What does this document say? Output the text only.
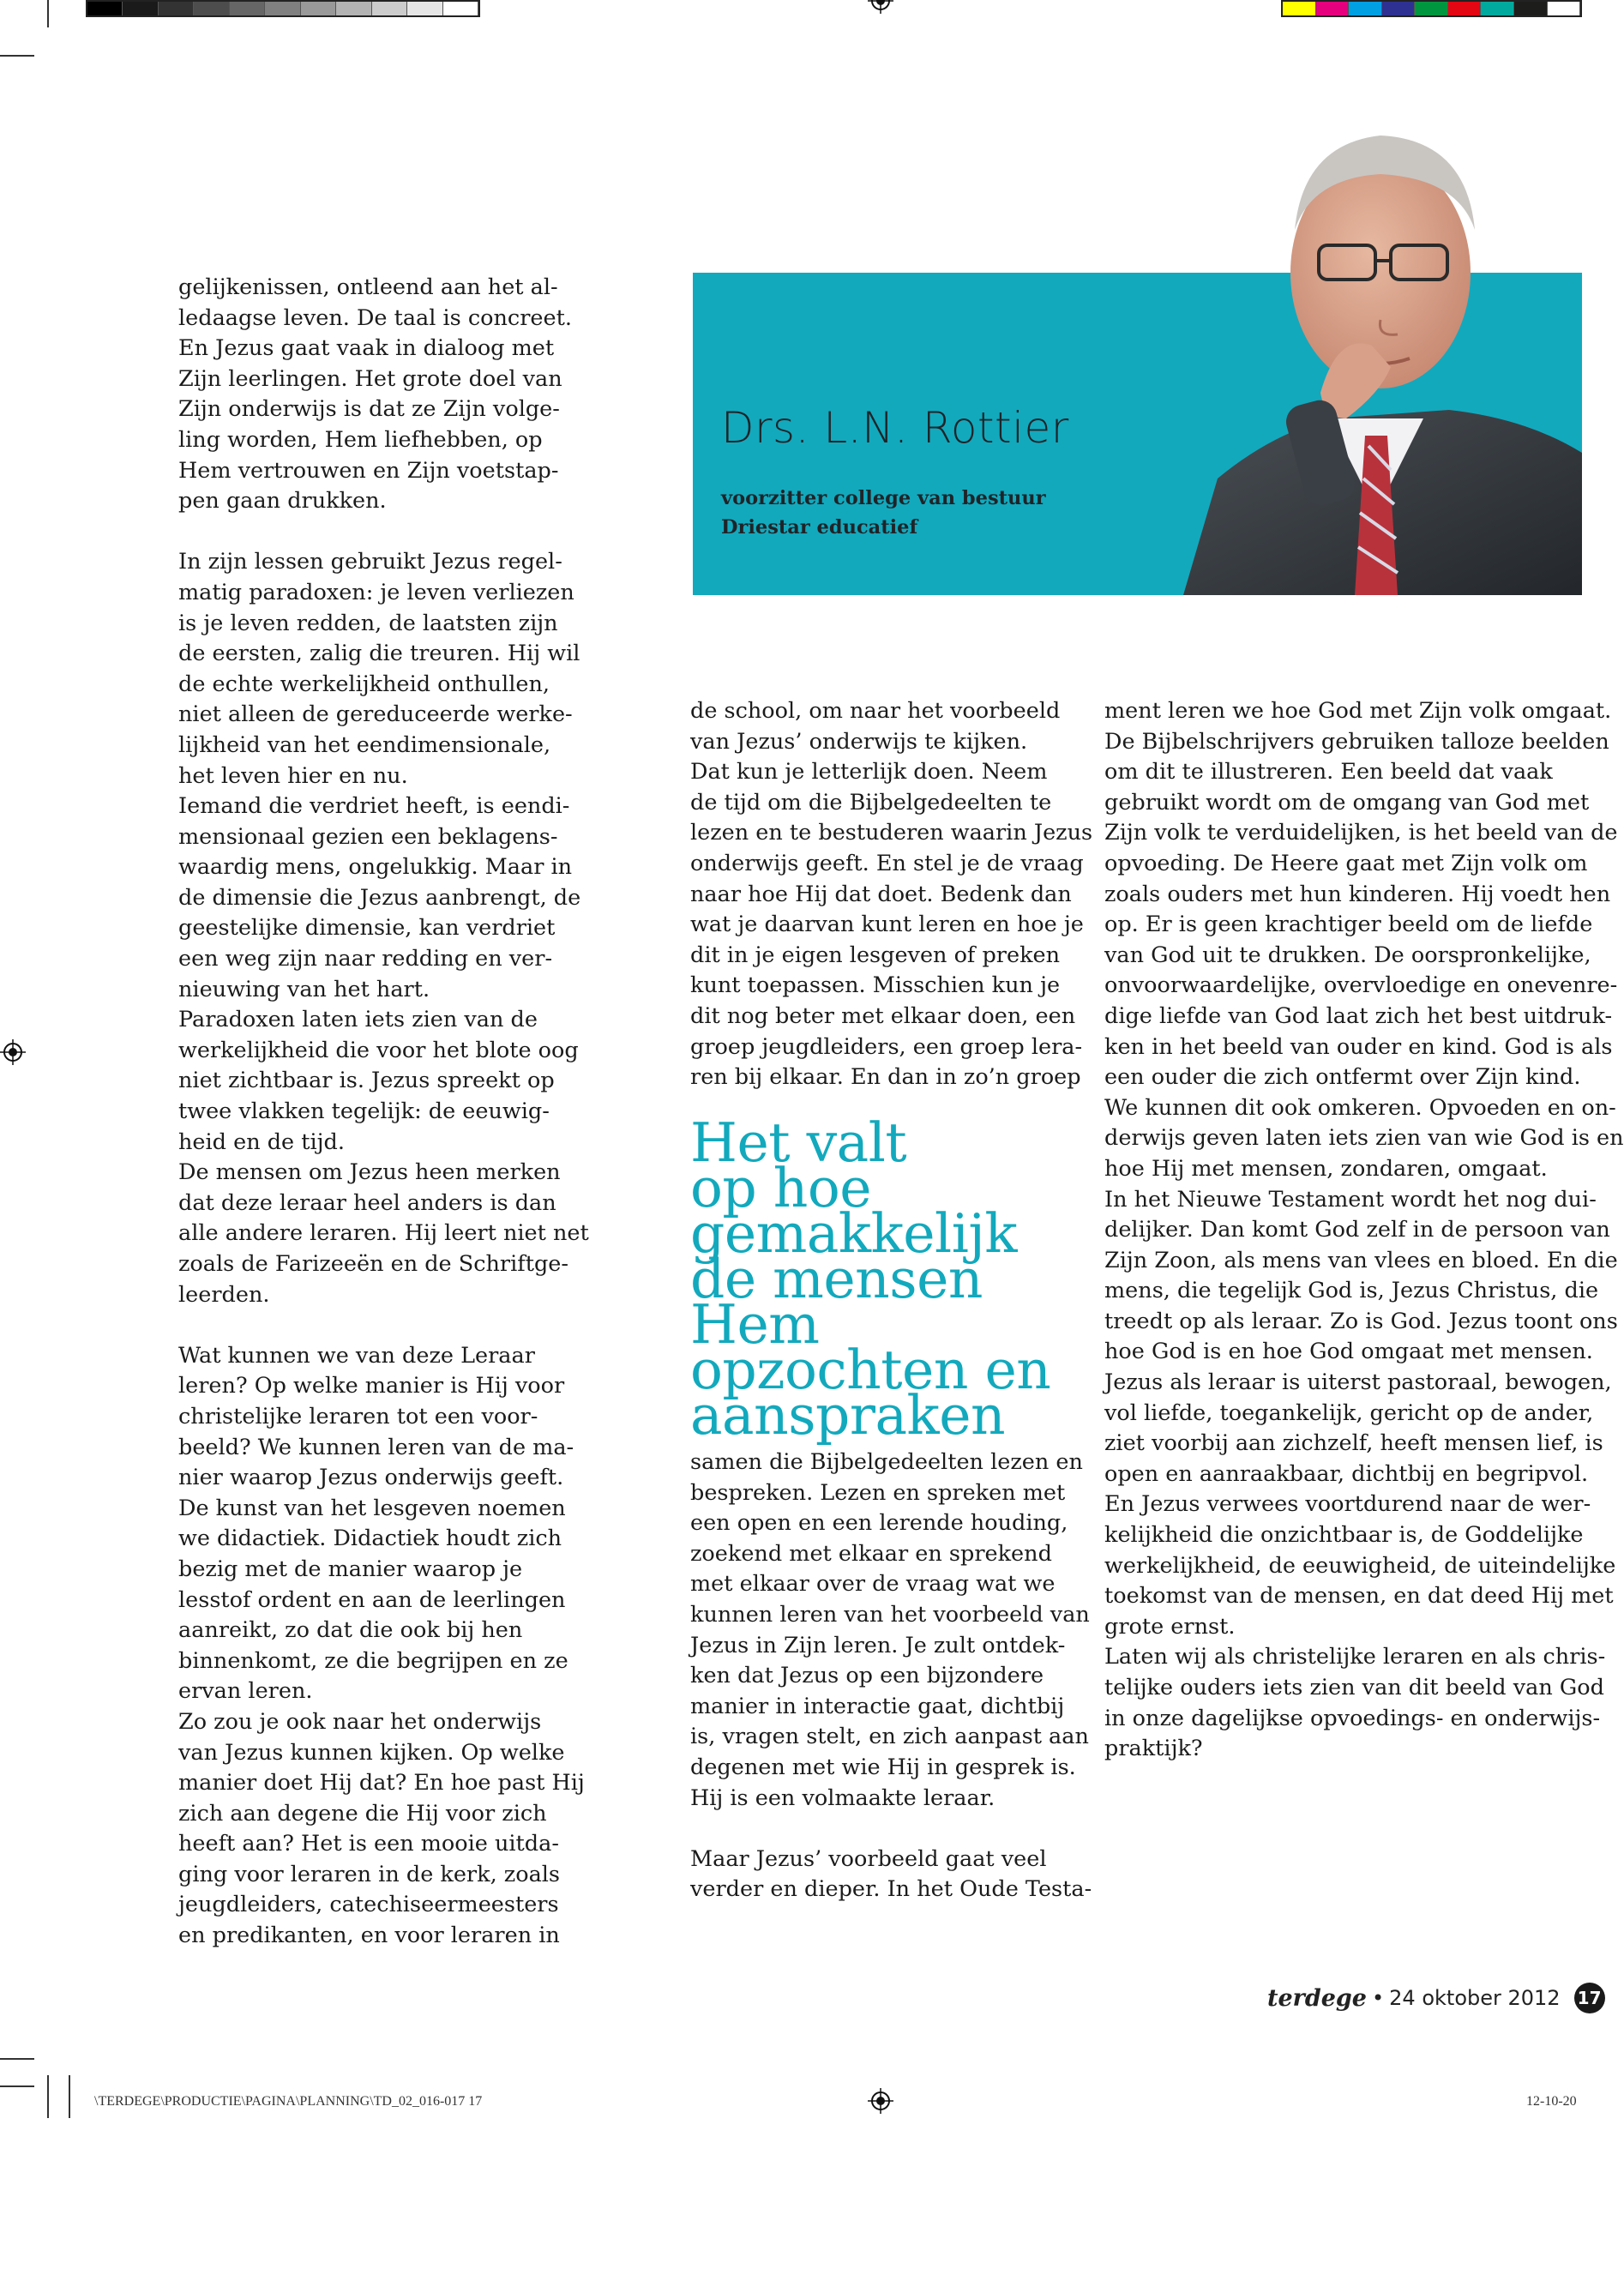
\TERDEGE\PRODUCTIE\PAGINA\PLANNING\TD_02_016-017 17	12-10-20

gelijkenissen, ontleend aan het al-
ledaagse leven. De taal is concreet.
En Jezus gaat vaak in dialoog met
Zijn leerlingen. Het grote doel van
Zijn onderwijs is dat ze Zijn volge-
ling worden, Hem liefhebben, op
Hem vertrouwen en Zijn voetstap-
pen gaan drukken.

In zijn lessen gebruikt Jezus regel-
matig paradoxen: je leven verliezen
is je leven redden, de laatsten zijn
de eersten, zalig die treuren. Hij wil
de echte werkelijkheid onthullen,
niet alleen de gereduceerde werke-
lijkheid van het eendimensionale,
het leven hier en nu.

Iemand die verdriet heeft, is eendi-
mensionaal gezien een beklagens-
waardig mens, ongelukkig. Maar in
de dimensie die Jezus aanbrengt, de
geestelijke dimensie, kan verdriet
een weg zijn naar redding en ver-
nieuwing van het hart.

Paradoxen laten iets zien van de
werkelijkheid die voor het blote oog
niet zichtbaar is. Jezus spreekt op
twee vlakken tegelijk: de eeuwig-
heid en de tijd.

De mensen om Jezus heen merken
dat deze leraar heel anders is dan
alle andere leraren. Hij leert niet net
zoals de Farizeeën en de Schriftge-
leerden.

Wat kunnen we van deze Leraar
leren? Op welke manier is Hij voor
christelijke leraren tot een voor-
beeld? We kunnen leren van de ma-
nier waarop Jezus onderwijs geeft.
De kunst van het lesgeven noemen
we didactiek. Didactiek houdt zich
bezig met de manier waarop je
lesstof ordent en aan de leerlingen
aanreikt, zo dat die ook bij hen
binnenkomt, ze die begrijpen en ze
ervan leren.

Zo zou je ook naar het onderwijs
van Jezus kunnen kijken. Op welke
manier doet Hij dat? En hoe past Hij
zich aan degene die Hij voor zich
heeft aan? Het is een mooie uitda-
ging voor leraren in de kerk, zoals
jeugdleiders, catechiseermeesters
en predikanten, en voor leraren in

Drs. L.N. Rottier
voorzitter college van bestuur
Driestar educatief

de school, om naar het voorbeeld
van Jezus’ onderwijs te kijken.
Dat kun je letterlijk doen. Neem
de tijd om die Bijbelgedeelten te
lezen en te bestuderen waarin Jezus
onderwijs geeft. En stel je de vraag
naar hoe Hij dat doet. Bedenk dan
wat je daarvan kunt leren en hoe je
dit in je eigen lesgeven of preken
kunt toepassen. Misschien kun je
dit nog beter met elkaar doen, een
groep jeugdleiders, een groep lera-
ren bij elkaar. En dan in zo’n groep

Het valt
op hoe
gemakkelijk
de mensen
Hem
opzochten en
aanspraken

samen die Bijbelgedeelten lezen en
bespreken. Lezen en spreken met
een open en een lerende houding,
zoekend met elkaar en sprekend
met elkaar over de vraag wat we
kunnen leren van het voorbeeld van
Jezus in Zijn leren. Je zult ontdek-
ken dat Jezus op een bijzondere
manier in interactie gaat, dichtbij
is, vragen stelt, en zich aanpast aan
degenen met wie Hij in gesprek is.
Hij is een volmaakte leraar.

Maar Jezus’ voorbeeld gaat veel
verder en dieper. In het Oude Testa-

ment leren we hoe God met Zijn volk omgaat.
De Bijbelschrijvers gebruiken talloze beelden
om dit te illustreren. Een beeld dat vaak
gebruikt wordt om de omgang van God met
Zijn volk te verduidelijken, is het beeld van de
opvoeding. De Heere gaat met Zijn volk om
zoals ouders met hun kinderen. Hij voedt hen
op. Er is geen krachtiger beeld om de liefde
van God uit te drukken. De oorspronkelijke,
onvoorwaardelijke, overvloedige en onevenre-
dige liefde van God laat zich het best uitdruk-
ken in het beeld van ouder en kind. God is als
een ouder die zich ontfermt over Zijn kind.
We kunnen dit ook omkeren. Opvoeden en on-
derwijs geven laten iets zien van wie God is en
hoe Hij met mensen, zondaren, omgaat.

In het Nieuwe Testament wordt het nog dui-
delijker. Dan komt God zelf in de persoon van
Zijn Zoon, als mens van vlees en bloed. En die
mens, die tegelijk God is, Jezus Christus, die
treedt op als leraar. Zo is God. Jezus toont ons
hoe God is en hoe God omgaat met mensen.
Jezus als leraar is uiterst pastoraal, bewogen,
vol liefde, toegankelijk, gericht op de ander,
ziet voorbij aan zichzelf, heeft mensen lief, is
open en aanraakbaar, dichtbij en begripvol.
En Jezus verwees voortdurend naar de wer-
kelijkheid die onzichtbaar is, de Goddelijke
werkelijkheid, de eeuwigheid, de uiteindelijke
toekomst van de mensen, en dat deed Hij met
grote ernst.

Laten wij als christelijke leraren en als chris-
telijke ouders iets zien van dit beeld van God
in onze dagelijkse opvoedings- en onderwijs-
praktijk?

terdege • 24 oktober 2012 17
